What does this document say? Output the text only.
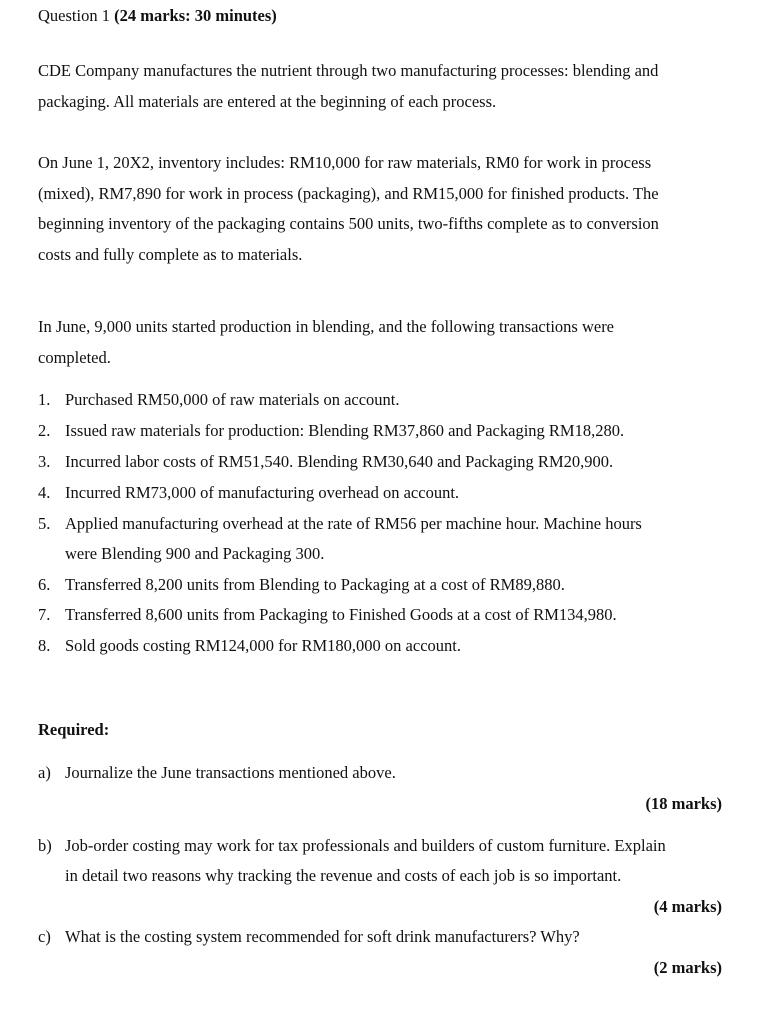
Question 1 (24 marks: 30 minutes)
CDE Company manufactures the nutrient through two manufacturing processes: blending and
packaging. All materials are entered at the beginning of each process.
On June 1, 20X2, inventory includes: RM10,000 for raw materials, RM0 for work in process
(mixed), RM7,890 for work in process (packaging), and RM15,000 for finished products. The
beginning inventory of the packaging contains 500 units, two-fifths complete as to conversion
costs and fully complete as to materials.
In June, 9,000 units started production in blending, and the following transactions were
completed.
1. Purchased RM50,000 of raw materials on account.
2. Issued raw materials for production: Blending RM37,860 and Packaging RM18,280.
3. Incurred labor costs of RM51,540. Blending RM30,640 and Packaging RM20,900.
4. Incurred RM73,000 of manufacturing overhead on account.
5. Applied manufacturing overhead at the rate of RM56 per machine hour. Machine hours
were Blending 900 and Packaging 300.
6. Transferred 8,200 units from Blending to Packaging at a cost of RM89,880.
7. Transferred 8,600 units from Packaging to Finished Goods at a cost of RM134,980.
8. Sold goods costing RM124,000 for RM180,000 on account.
Required:
a) Journalize the June transactions mentioned above.
(18 marks)
b) Job-order costing may work for tax professionals and builders of custom furniture. Explain
in detail two reasons why tracking the revenue and costs of each job is so important.
(4 marks)
c) What is the costing system recommended for soft drink manufacturers? Why?
(2 marks)
